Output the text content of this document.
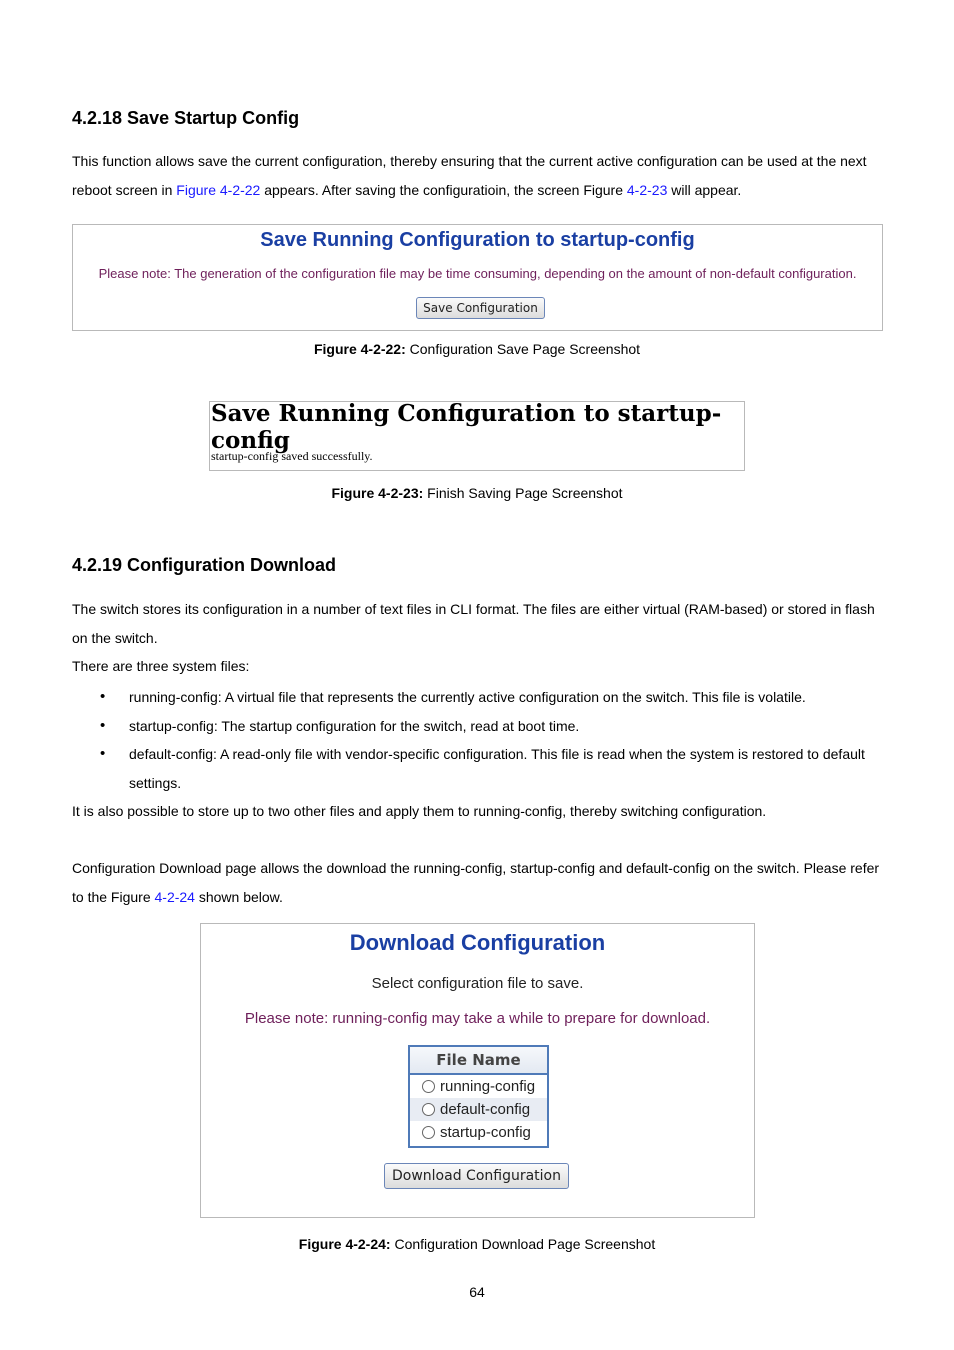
4.2.18 Save Startup Config
This function allows save the current configuration, thereby ensuring that the current active configuration can be used at the next reboot screen in Figure 4-2-22 appears. After saving the configuratioin, the screen Figure 4-2-23 will appear.
Save Running Configuration to startup-config
Please note: The generation of the configuration file may be time consuming, depending on the amount of non-default configuration.
Save Configuration
Figure 4-2-22: Configuration Save Page Screenshot
Save Running Configuration to startup-config
startup-config saved successfully.
Figure 4-2-23: Finish Saving Page Screenshot
4.2.19 Configuration Download
The switch stores its configuration in a number of text files in CLI format. The files are either virtual (RAM-based) or stored in flash on the switch.
There are three system files:
• running-config: A virtual file that represents the currently active configuration on the switch. This file is volatile.
• startup-config: The startup configuration for the switch, read at boot time.
• default-config: A read-only file with vendor-specific configuration. This file is read when the system is restored to default settings.
It is also possible to store up to two other files and apply them to running-config, thereby switching configuration.
Configuration Download page allows the download the running-config, startup-config and default-config on the switch. Please refer to the Figure 4-2-24 shown below.
Download Configuration
Select configuration file to save.
Please note: running-config may take a while to prepare for download.
File Name
running-config
default-config
startup-config
Download Configuration
Figure 4-2-24: Configuration Download Page Screenshot
64
